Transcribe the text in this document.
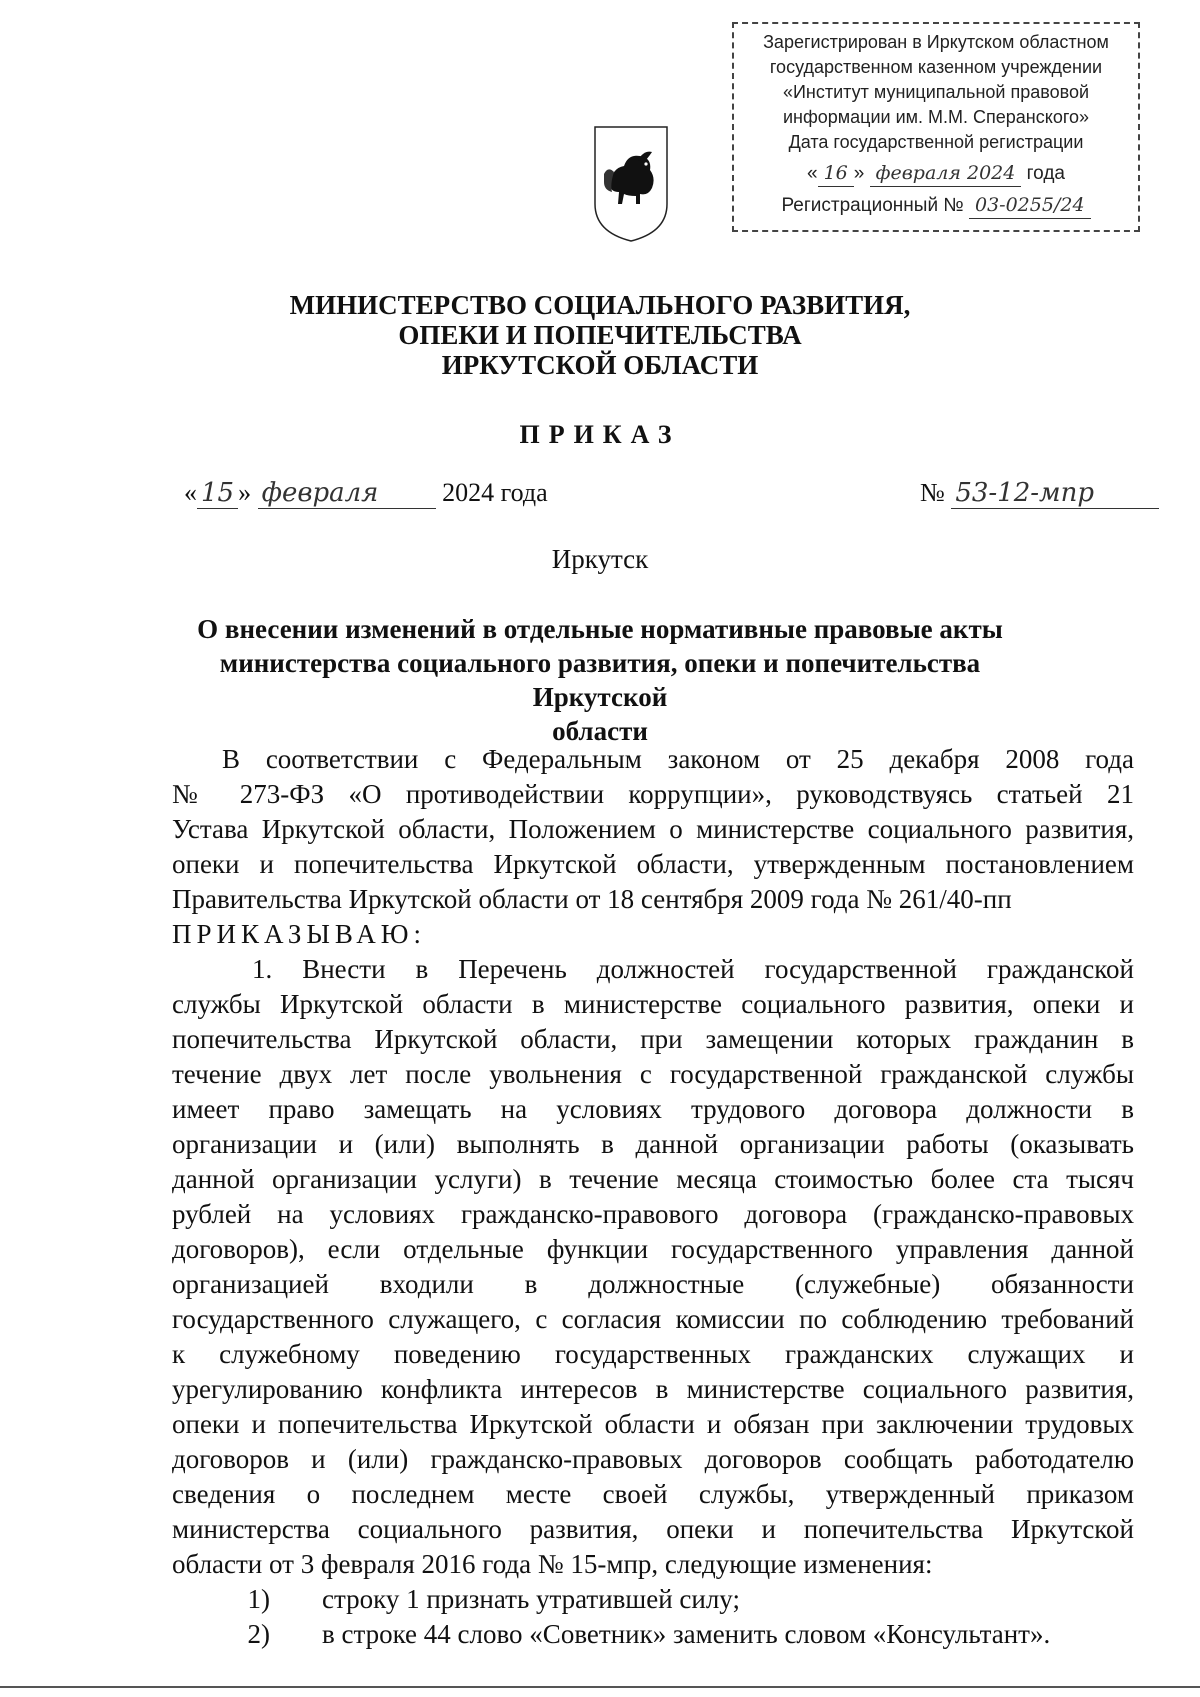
Зарегистрирован в Иркутском областном
государственном казенном учреждении
«Институт муниципальной правовой
информации им. М.М. Сперанского»
Дата государственной регистрации
« 16 » февраля 2024 года
Регистрационный № 03-0255/24
МИНИСТЕРСТВО СОЦИАЛЬНОГО РАЗВИТИЯ,
ОПЕКИ И ПОПЕЧИТЕЛЬСТВА
ИРКУТСКОЙ ОБЛАСТИ
ПРИКАЗ
« 15 » февраля 2024 года	№ 53-12-мпр
Иркутск
О внесении изменений в отдельные нормативные правовые акты
министерства социального развития, опеки и попечительства Иркутской
области
В соответствии с Федеральным законом от 25 декабря 2008 года
№ 273-ФЗ «О противодействии коррупции», руководствуясь статьей 21
Устава Иркутской области, Положением о министерстве социального развития,
опеки и попечительства Иркутской области, утвержденным постановлением
Правительства Иркутской области от 18 сентября 2009 года № 261/40-пп
ПРИКАЗЫВАЮ:
1. Внести в Перечень должностей государственной гражданской
службы Иркутской области в министерстве социального развития, опеки и
попечительства Иркутской области, при замещении которых гражданин в
течение двух лет после увольнения с государственной гражданской службы
имеет право замещать на условиях трудового договора должности в
организации и (или) выполнять в данной организации работы (оказывать
данной организации услуги) в течение месяца стоимостью более ста тысяч
рублей на условиях гражданско-правового договора (гражданско-правовых
договоров), если отдельные функции государственного управления данной
организацией входили в должностные (служебные) обязанности
государственного служащего, с согласия комиссии по соблюдению требований
к служебному поведению государственных гражданских служащих и
урегулированию конфликта интересов в министерстве социального развития,
опеки и попечительства Иркутской области и обязан при заключении трудовых
договоров и (или) гражданско-правовых договоров сообщать работодателю
сведения о последнем месте своей службы, утвержденный приказом
министерства социального развития, опеки и попечительства Иркутской
области от 3 февраля 2016 года № 15-мпр, следующие изменения:
1) строку 1 признать утратившей силу;
2) в строке 44 слово «Советник» заменить словом «Консультант».
